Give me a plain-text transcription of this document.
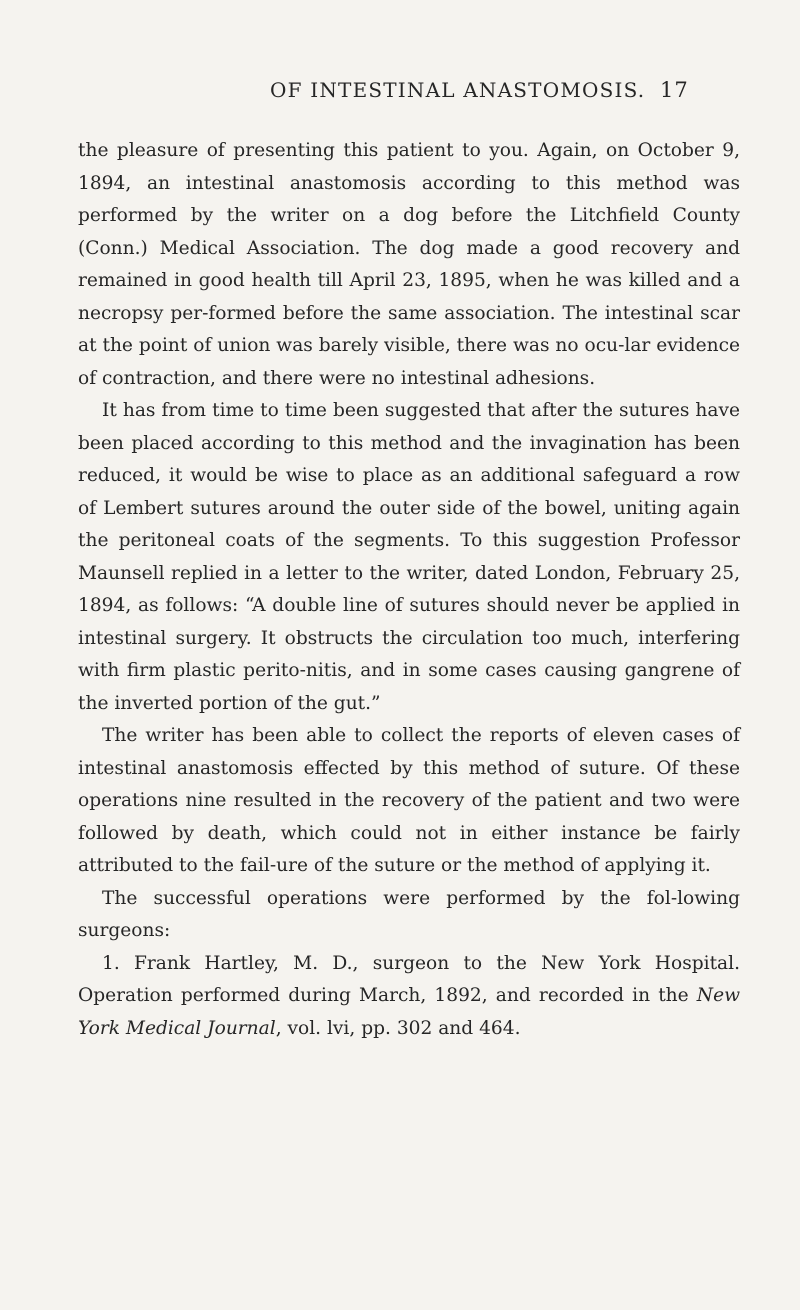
OF INTESTINAL ANASTOMOSIS. 17

the pleasure of presenting this patient to you. Again, on October 9, 1894, an intestinal anastomosis according to this method was performed by the writer on a dog before the Litchfield County (Conn.) Medical Association. The dog made a good recovery and remained in good health till April 23, 1895, when he was killed and a necropsy per-formed before the same association. The intestinal scar at the point of union was barely visible, there was no ocu-lar evidence of contraction, and there were no intestinal adhesions.

It has from time to time been suggested that after the sutures have been placed according to this method and the invagination has been reduced, it would be wise to place as an additional safeguard a row of Lembert sutures around the outer side of the bowel, uniting again the peritoneal coats of the segments. To this suggestion Professor Maunsell replied in a letter to the writer, dated London, February 25, 1894, as follows: “A double line of sutures should never be applied in intestinal surgery. It obstructs the circulation too much, interfering with firm plastic perito-nitis, and in some cases causing gangrene of the inverted portion of the gut.”

The writer has been able to collect the reports of eleven cases of intestinal anastomosis effected by this method of suture. Of these operations nine resulted in the recovery of the patient and two were followed by death, which could not in either instance be fairly attributed to the fail-ure of the suture or the method of applying it.

The successful operations were performed by the fol-lowing surgeons:

1. Frank Hartley, M. D., surgeon to the New York Hospital. Operation performed during March, 1892, and recorded in the New York Medical Journal, vol. lvi, pp. 302 and 464.
